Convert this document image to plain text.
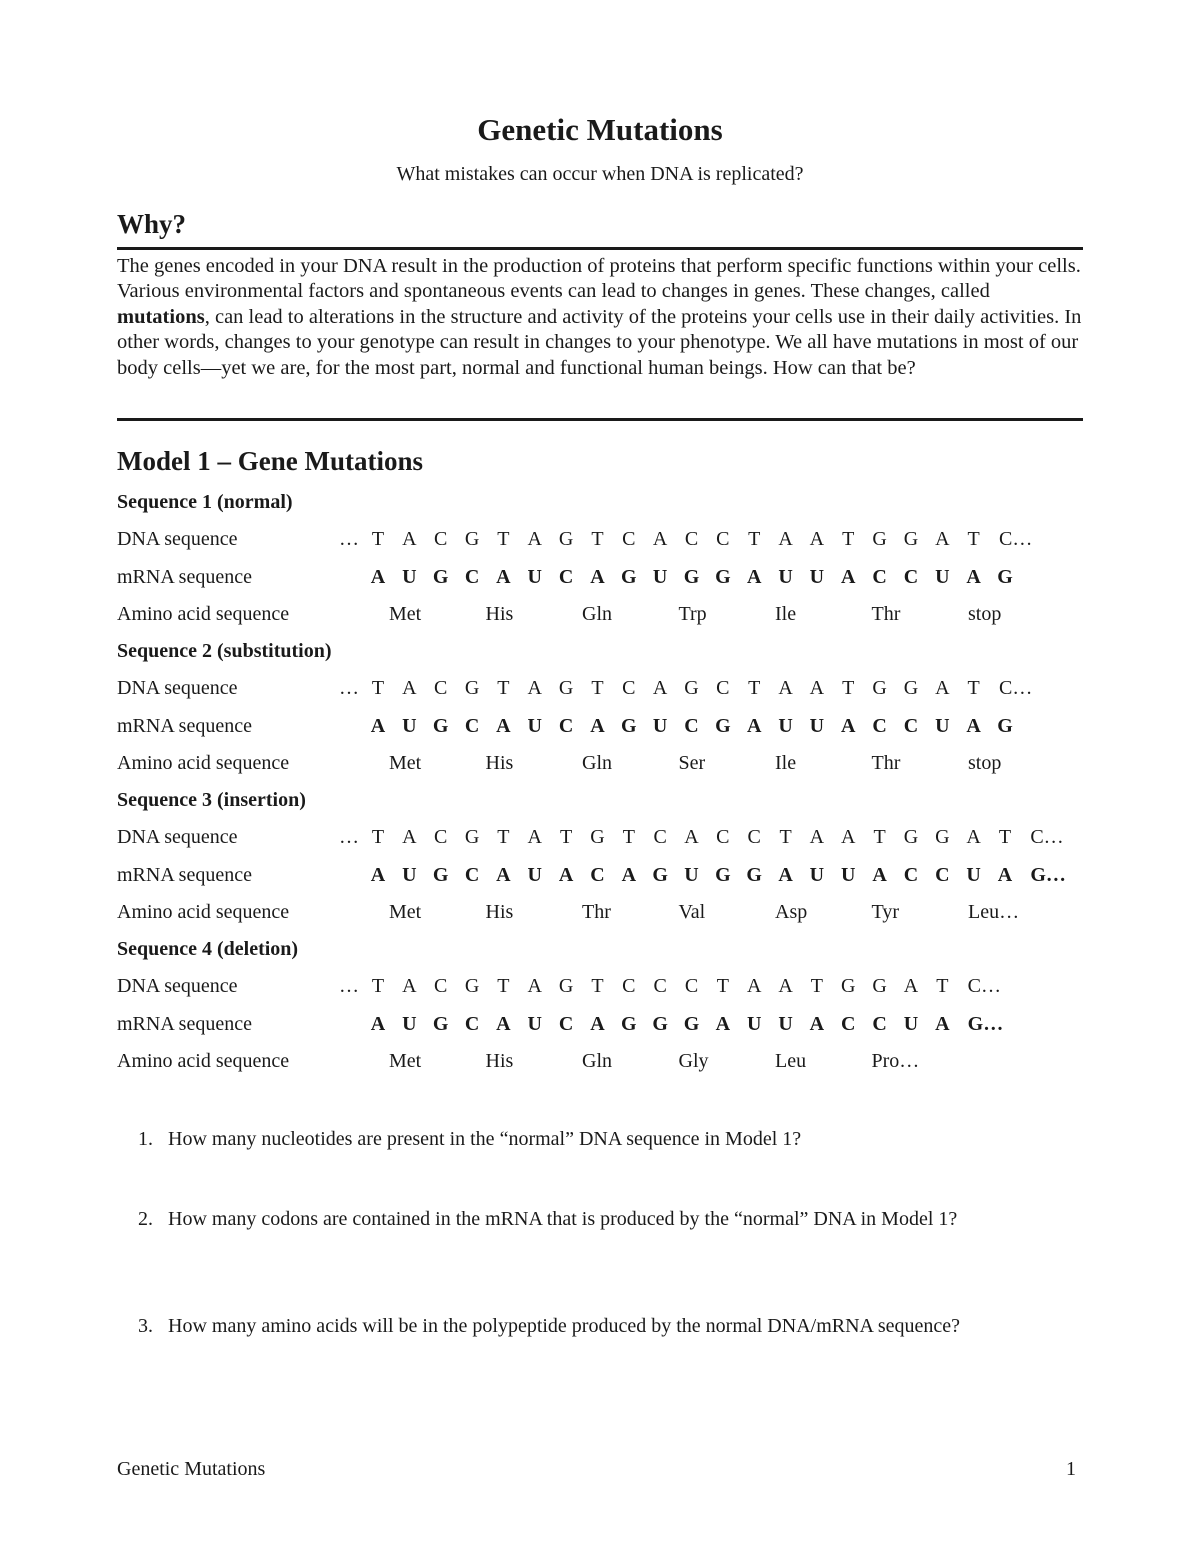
Genetic Mutations
What mistakes can occur when DNA is replicated?
Why?
The genes encoded in your DNA result in the production of proteins that perform specific functions within your cells. Various environmental factors and spontaneous events can lead to changes in genes. These changes, called mutations, can lead to alterations in the structure and activity of the proteins your cells use in their daily activities. In other words, changes to your genotype can result in changes to your phenotype. We all have mutations in most of our body cells—yet we are, for the most part, normal and functional human beings. How can that be?
Model 1 – Gene Mutations
Sequence 1 (normal)
DNA sequence	… T A C G T A G T C A C C T A A T G G A T C…
mRNA sequence	A U G C A U C A G U G G A U U A C C U A G
Amino acid sequence	Met	His	Gln	Trp	Ile	Thr	stop
Sequence 2 (substitution)
DNA sequence	… T A C G T A G T C A G C T A A T G G A T C…
mRNA sequence	A U G C A U C A G U C G A U U A C C U A G
Amino acid sequence	Met	His	Gln	Ser	Ile	Thr	stop
Sequence 3 (insertion)
DNA sequence	… T A C G T A T G T C A C C T A A T G G A T C…
mRNA sequence	A U G C A U A C A G U G G A U U A C C U A G…
Amino acid sequence	Met	His	Thr	Val	Asp	Tyr	Leu…
Sequence 4 (deletion)
DNA sequence	… T A C G T A G T C C C T A A T G G A T C…
mRNA sequence	A U G C A U C A G G G A U U A C C U A G…
Amino acid sequence	Met	His	Gln	Gly	Leu	Pro…
1. How many nucleotides are present in the “normal” DNA sequence in Model 1?
2. How many codons are contained in the mRNA that is produced by the “normal” DNA in Model 1?
3. How many amino acids will be in the polypeptide produced by the normal DNA/mRNA sequence?
Genetic Mutations	1
